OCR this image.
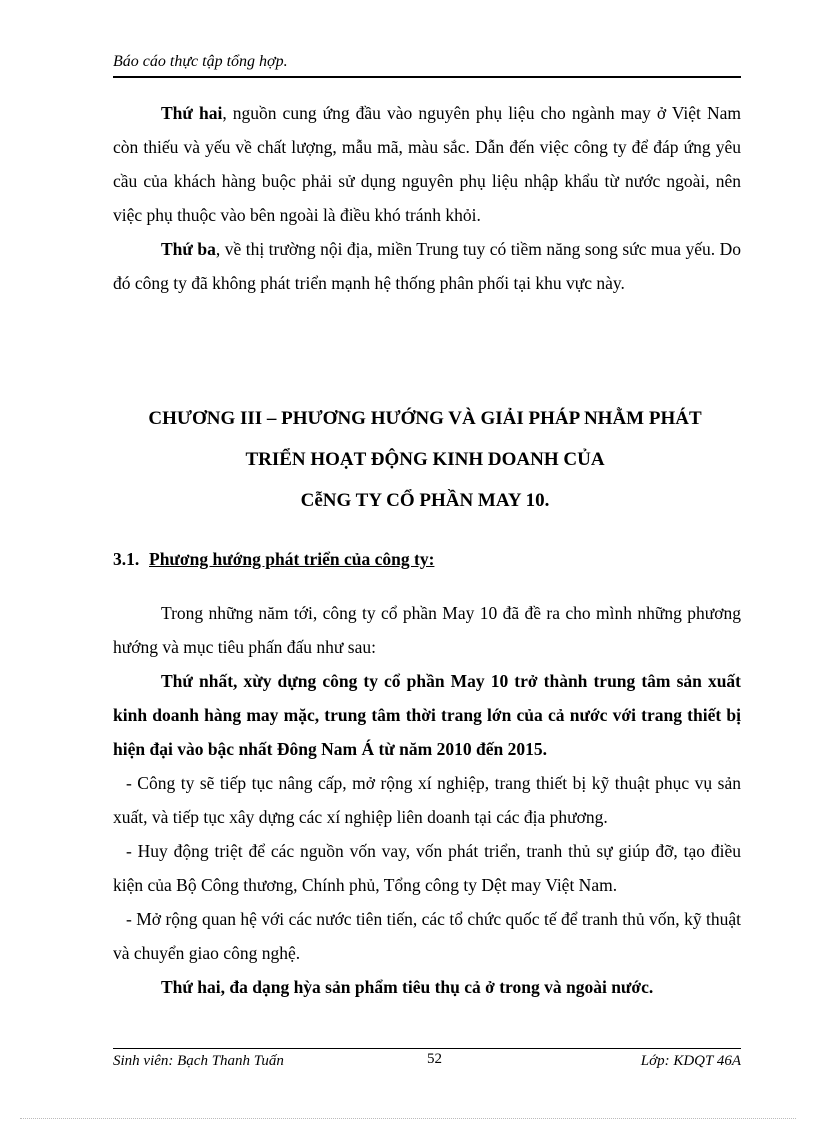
Báo cáo thực tập tổng hợp.

Thứ hai, nguồn cung ứng đầu vào nguyên phụ liệu cho ngành may ở Việt Nam còn thiếu và yếu về chất lượng, mẫu mã, màu sắc. Dẫn đến việc công ty để đáp ứng yêu cầu của khách hàng buộc phải sử dụng nguyên phụ liệu nhập khẩu từ nước ngoài, nên việc phụ thuộc vào bên ngoài là điều khó tránh khỏi.

Thứ ba, về thị trường nội địa, miền Trung tuy có tiềm năng song sức mua yếu. Do đó công ty đã không phát triển mạnh hệ thống phân phối tại khu vực này.

CHƯƠNG III – PHƯƠNG HƯỚNG VÀ GIẢI PHÁP NHẰM PHÁT
TRIỂN HOẠT ĐỘNG KINH DOANH CỦA
CễNG TY CỔ PHẦN MAY 10.
3.1. Phương hướng phát triển của công ty:

Trong những năm tới, công ty cổ phần May 10 đã đề ra cho mình những phương hướng và mục tiêu phấn đấu như sau:

Thứ nhất, xừy dựng công ty cổ phần May 10 trở thành trung tâm sản xuất kinh doanh hàng may mặc, trung tâm thời trang lớn của cả nước với trang thiết bị hiện đại vào bậc nhất Đông Nam Á từ năm 2010 đến 2015.

- Công ty sẽ tiếp tục nâng cấp, mở rộng xí nghiệp, trang thiết bị kỹ thuật phục vụ sản xuất, và tiếp tục xây dựng các xí nghiệp liên doanh tại các địa phương.

- Huy động triệt để các nguồn vốn vay, vốn phát triển, tranh thủ sự giúp đỡ, tạo điều kiện của Bộ Công thương, Chính phủ, Tổng công ty Dệt may Việt Nam.

- Mở rộng quan hệ với các nước tiên tiến, các tổ chức quốc tế để tranh thủ vốn, kỹ thuật và chuyển giao công nghệ.

Thứ hai, đa dạng hỳa sản phẩm tiêu thụ cả ở trong và ngoài nước.

Sinh viên: Bạch Thanh Tuấn	52	Lớp: KDQT 46A
